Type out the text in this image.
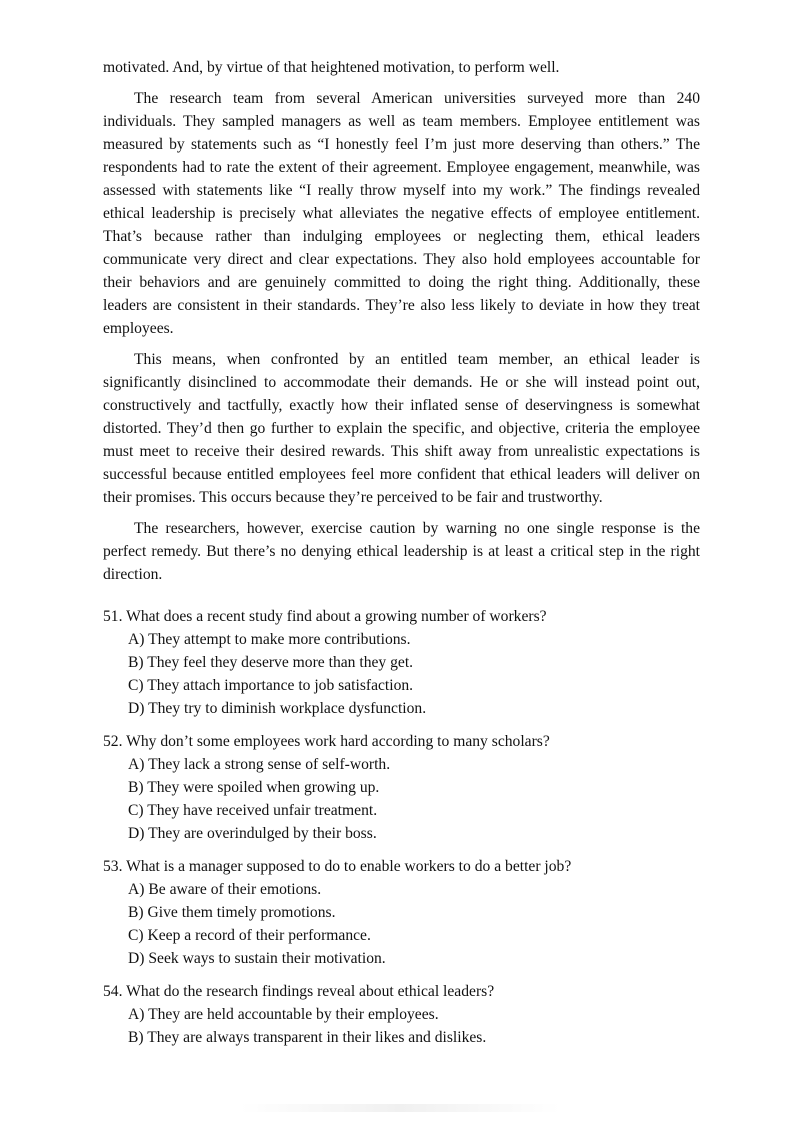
motivated. And, by virtue of that heightened motivation, to perform well.

The research team from several American universities surveyed more than 240 individuals. They sampled managers as well as team members. Employee entitlement was measured by statements such as “I honestly feel I’m just more deserving than others.” The respondents had to rate the extent of their agreement. Employee engagement, meanwhile, was assessed with statements like “I really throw myself into my work.” The findings revealed ethical leadership is precisely what alleviates the negative effects of employee entitlement. That’s because rather than indulging employees or neglecting them, ethical leaders communicate very direct and clear expectations. They also hold employees accountable for their behaviors and are genuinely committed to doing the right thing. Additionally, these leaders are consistent in their standards. They’re also less likely to deviate in how they treat employees.

This means, when confronted by an entitled team member, an ethical leader is significantly disinclined to accommodate their demands. He or she will instead point out, constructively and tactfully, exactly how their inflated sense of deservingness is somewhat distorted. They’d then go further to explain the specific, and objective, criteria the employee must meet to receive their desired rewards. This shift away from unrealistic expectations is successful because entitled employees feel more confident that ethical leaders will deliver on their promises. This occurs because they’re perceived to be fair and trustworthy.

The researchers, however, exercise caution by warning no one single response is the perfect remedy. But there’s no denying ethical leadership is at least a critical step in the right direction.

51. What does a recent study find about a growing number of workers?

A) They attempt to make more contributions.
B) They feel they deserve more than they get.
C) They attach importance to job satisfaction.
D) They try to diminish workplace dysfunction.

52. Why don’t some employees work hard according to many scholars?

A) They lack a strong sense of self-worth.
B) They were spoiled when growing up.
C) They have received unfair treatment.
D) They are overindulged by their boss.

53. What is a manager supposed to do to enable workers to do a better job?

A) Be aware of their emotions.
B) Give them timely promotions.
C) Keep a record of their performance.
D) Seek ways to sustain their motivation.

54. What do the research findings reveal about ethical leaders?

A) They are held accountable by their employees.
B) They are always transparent in their likes and dislikes.
